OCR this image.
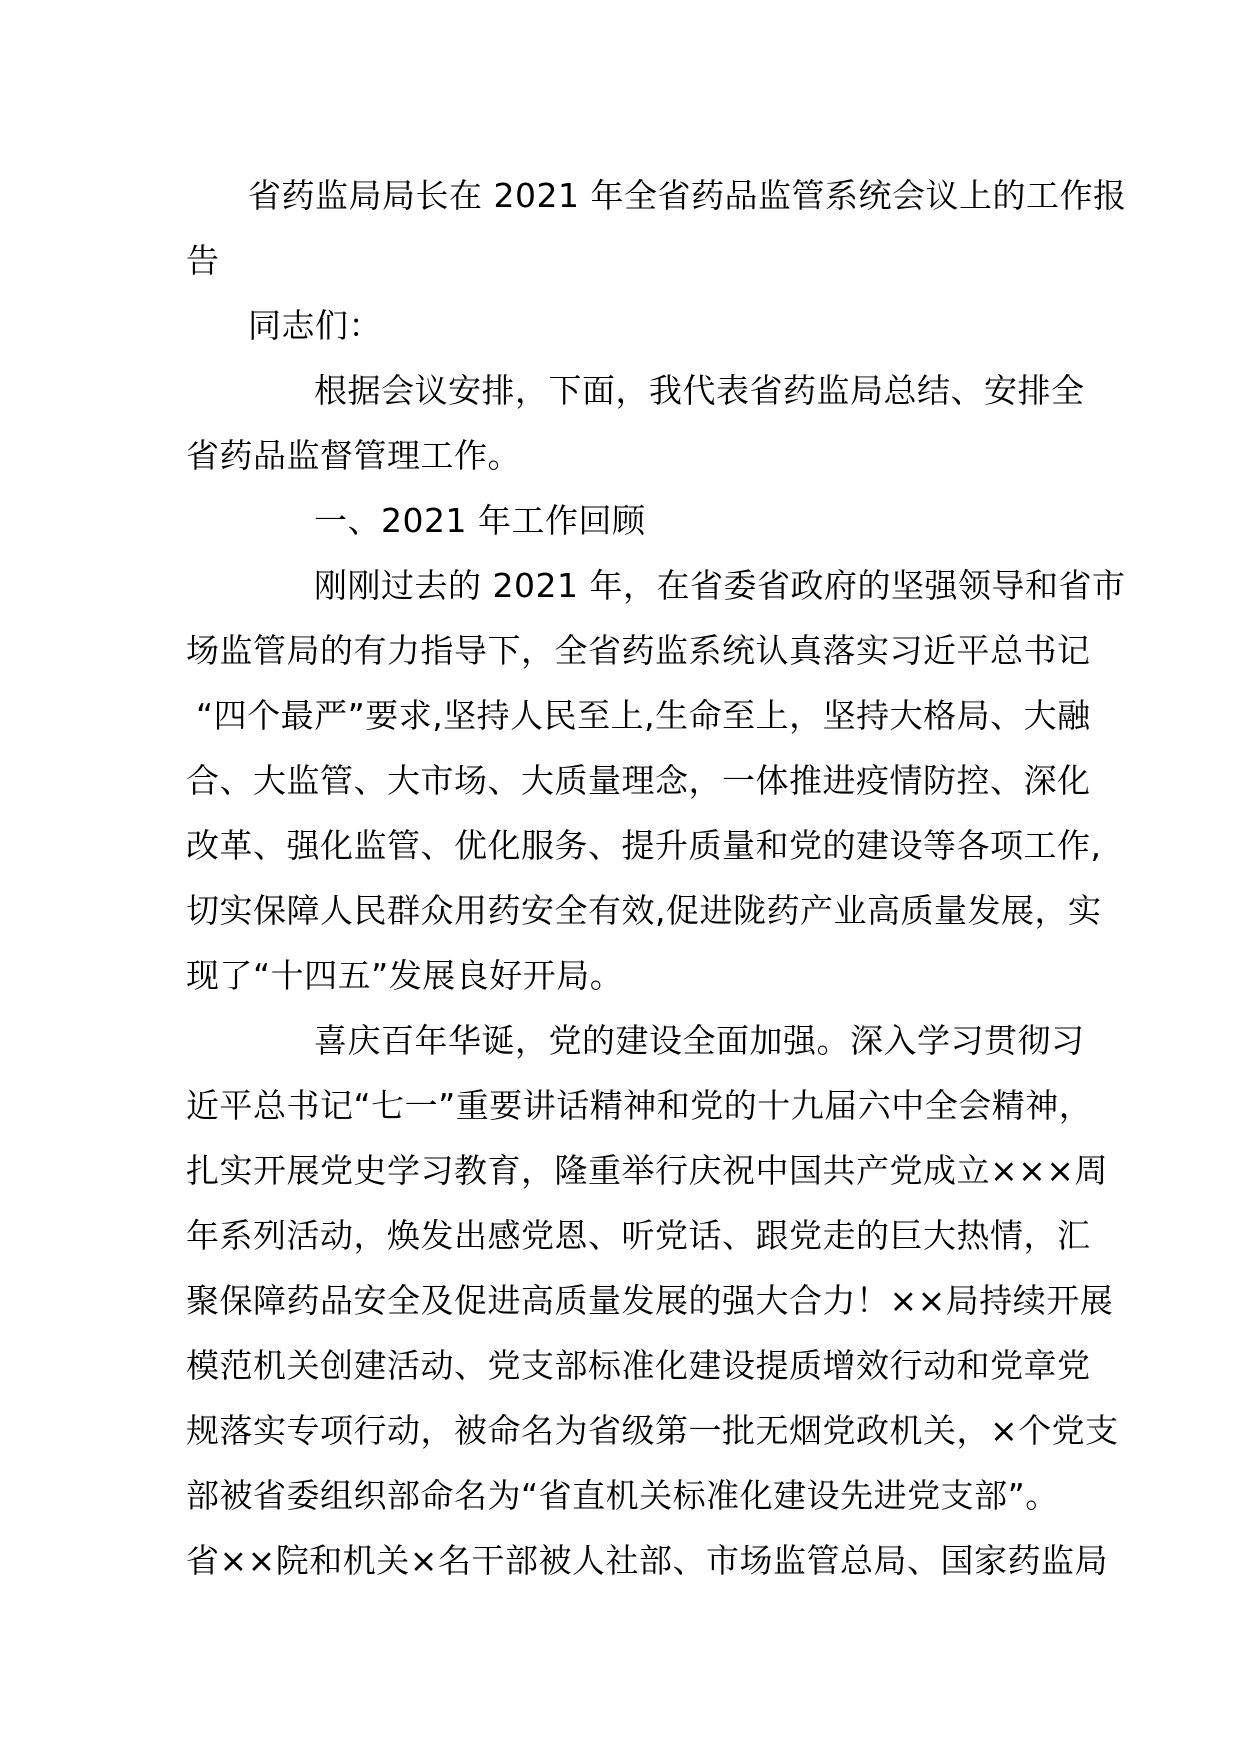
省药监局局长在 2021 年全省药品监管系统会议上的工作报
告
同志们：
根据会议安排，下面，我代表省药监局总结、安排全
省药品监督管理工作。
一、2021 年工作回顾
刚刚过去的 2021 年，在省委省政府的坚强领导和省市
场监管局的有力指导下，全省药监系统认真落实习近平总书记
“四个最严”要求,坚持人民至上,生命至上，坚持大格局、大融
合、大监管、大市场、大质量理念，一体推进疫情防控、深化
改革、强化监管、优化服务、提升质量和党的建设等各项工作,
切实保障人民群众用药安全有效,促进陇药产业高质量发展，实
现了“十四五”发展良好开局。
喜庆百年华诞，党的建设全面加强。深入学习贯彻习
近平总书记“七一”重要讲话精神和党的十九届六中全会精神，
扎实开展党史学习教育，隆重举行庆祝中国共产党成立×××周
年系列活动，焕发出感党恩、听党话、跟党走的巨大热情，汇
聚保障药品安全及促进高质量发展的强大合力！××局持续开展
模范机关创建活动、党支部标准化建设提质增效行动和党章党
规落实专项行动，被命名为省级第一批无烟党政机关，×个党支
部被省委组织部命名为“省直机关标准化建设先进党支部”。
省××院和机关×名干部被人社部、市场监管总局、国家药监局
